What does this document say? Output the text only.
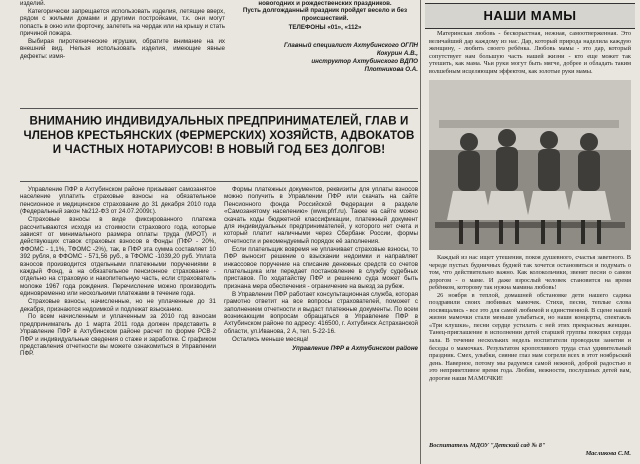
изделий.

Категорически запрещается использовать изделия, летящие вверх, рядом с жилыми домами и другими постройками, т.к. они могут попасть в окно или форточку, залететь на чердак или на крышу и стать причиной пожара.

Выбирая пиротехнические игрушки, обратите внимание на их внешний вид. Нельзя использовать изделия, имеющие явные дефекты: измя-

новогодних и рождественских праздников.
Пусть долгожданный праздник пройдет весело и без происшествий.
ТЕЛЕФОНЫ «01», «112»
Главный специалист Ахтубинского ОГПН
Кокурин А.В.,
инструктор Ахтубинского ВДПО
Плотникова О.А.
ВНИМАНИЮ ИНДИВИДУАЛЬНЫХ ПРЕДПРИНИМАТЕЛЕЙ, ГЛАВ И ЧЛЕНОВ КРЕСТЬЯНСКИХ (ФЕРМЕРСКИХ) ХОЗЯЙСТВ, АДВОКАТОВ И ЧАСТНЫХ НОТАРИУСОВ! В НОВЫЙ ГОД БЕЗ ДОЛГОВ!

Управление ПФР в Ахтубинском районе призывает самозанятое население уплатить страховые взносы на обязательное пенсионное и медицинское страхование до 31 декабря 2010 года (Федеральный закон №212-ФЗ от 24.07.2009г.).

Страховые взносы в виде фиксированного платежа рассчитываются исходя из стоимости страхового года, которые зависят от минимального размера оплаты труда (МРОТ) и действующих ставок страховых взносов в Фонды (ПФР - 20%, ФФОМС - 1,1%, ТФОМС -2%), так, в ПФР эта сумма составляет 10 392 рубля, в ФФОМС - 571,56 руб., в ТФОМС -1039,20 руб. Уплата взносов производится отдельными платежными поручениями в каждый Фонд, а на обязательное пенсионное страхование - отдельно на страховую и накопительную часть, если страхователь моложе 1967 года рождения. Перечисление можно производить единовременно или несколькими платежами в течение года.

Страховые взносы, начисленные, но не уплаченные до 31 декабря, признаются недоимкой и подлежат взысканию.

По всем начисленным и уплаченным за 2010 год взносам предприниматель до 1 марта 2011 года должен представить в Управление ПФР в Ахтубинском районе расчет по форме РСВ-2 ПФР и индивидуальные сведения о стаже и заработке. С графиком представления отчетности вы можете ознакомиться в Управлении ПФР.

Формы платежных документов, реквизиты для уплаты взносов можно получить в Управлении ПФР или скачать на сайте Пенсионного фонда Российской Федерации в разделе «Самозанятому населению» (www.pfrf.ru). Также на сайте можно скачать коды бюджетной классификации, платежный документ для индивидуальных предпринимателей, у которого нет счета и который платит наличными через Сбербанк России, формы отчетности и рекомендуемый порядок её заполнения.

Если плательщик вовремя не уплачивает страховые взносы, то ПФР выносит решение о взыскании недоимки и направляет инкассовое поручение на списание денежных средств со счетов плательщика или передает постановление в службу судебных приставов. По ходатайству ПФР и решению суда может быть признана мера обеспечения - ограничение на выезд за рубеж.

В Управлении ПФР работает консультационная служба, которая грамотно ответит на все вопросы страхователей, поможет с заполнением отчетности и выдаст платежные документы. По всем возникающим вопросам обращаться в Управление ПФР в Ахтубинском районе по адресу: 416500, г. Ахтубинск Астраханской области, ул.Иванова, 2 А, тел. 5-22-16.

Остались меньше месяца!

Управление ПФР в Ахтубинском районе
НАШИ МАМЫ

Материнская любовь - бескорыстная, нежная, самоотверженная. Это величайший дар каждому из нас. Дар, который природа наделила каждую женщину, - любить своего ребёнка. Любовь мамы - это дар, который сопутствует нам большую часть нашей жизни - кто еще может так утешить, как мама. Чьи руки могут быть мягче, добрее и обладать таким волшебным исцеляющим эффектом, как золотые руки мамы.

Каждый из нас ищет утешения, покоя душевного, счастья заветного. В череде пустых будничных будней так хочется остановиться и подумать о том, что действительно важно. Как колокольчики, звенят песни о самом дорогом - о маме. И даже взрослый человек становится на время ребёнком, которому так нужна мамина любовь!

26 ноября в теплой, домашней обстановке дети нашего садика поздравили своих любимых мамочек. Стихи, песни, теплые слова посвящались - все это для самой любимой и единственной. В сцене нашей жизни мамочки стали меньше улыбаться, но наши концерты, спектакль «Три клушки», песни сердце устилать с ней этих прекрасных женщин. Танец-приглашение в исполнении детей старшей группы покорил сердца зала. В течение нескольких недель воспитатели проводили занятия и беседы о мамочках. Результатом кропотливого труда стал удивительный праздник. Смех, улыбки, сияние глаз мам согрели всех в этот ноябрьский день. Наверное, потому мы радуемся самой нежной, доброй радостью в это неприветливое время года. Любви, нежности, послушных детей вам, дорогие наши МАМОЧКИ!

Воспитатель МДОУ "Детский сад № 8"
Масликова С.М.
